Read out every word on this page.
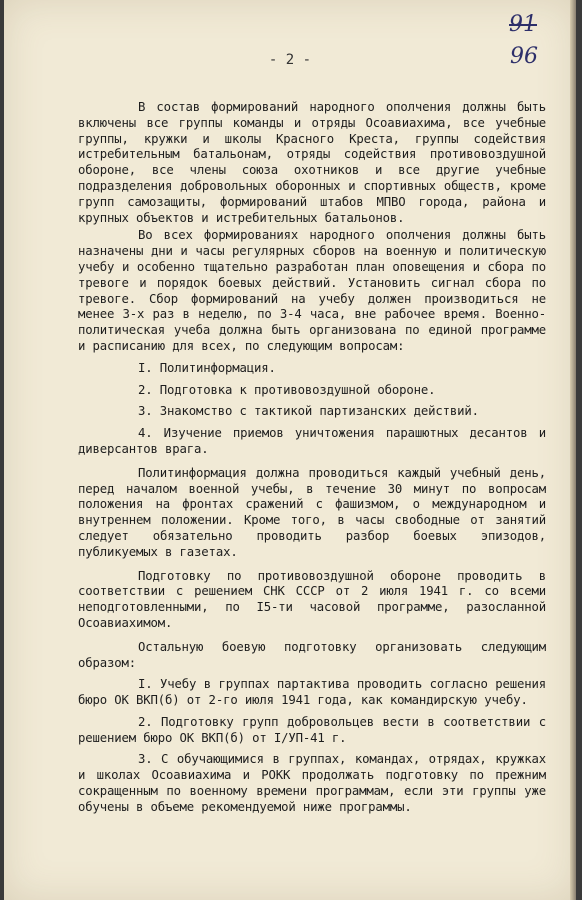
91
96
- 2 -

В состав формирований народного ополчения должны быть включены все группы команды и отряды Осоавиахима, все учебные группы, кружки и школы Красного Креста, группы содействия истребительным батальонам, отряды содействия противовоздушной обороне, все члены союза охотников и все другие учебные подразделения добровольных оборонных и спортивных обществ, кроме групп самозащиты, формирований штабов МПВО города, района и крупных объектов и истребительных батальонов.

Во всех формированиях народного ополчения должны быть назначены дни и часы регулярных сборов на военную и политическую учебу и особенно тщательно разработан план оповещения и сбора по тревоге и порядок боевых действий. Установить сигнал сбора по тревоге. Сбор формирований на учебу должен производиться не менее 3-х раз в неделю, по 3-4 часа, вне рабочее время. Военно-политическая учеба должна быть организована по единой программе и расписанию для всех, по следующим вопросам:

I. Политинформация.

2. Подготовка к противовоздушной обороне.

3. Знакомство с тактикой партизанских действий.

4. Изучение приемов уничтожения парашютных десантов и диверсантов врага.

Политинформация должна проводиться каждый учебный день, перед началом военной учебы, в течение 30 минут по вопросам положения на фронтах сражений с фашизмом, о международном и внутреннем положении. Кроме того, в часы свободные от занятий следует обязательно проводить разбор боевых эпизодов, публикуемых в газетах.

Подготовку по противовоздушной обороне проводить в соответствии с решением СНК СССР от 2 июля 1941 г. со всеми неподготовленными, по I5-ти часовой программе, разосланной Осоавиахимом.

Остальную боевую подготовку организовать следующим образом:

I. Учебу в группах партактива проводить согласно решения бюро ОК ВКП(б) от 2-го июля 1941 года, как командирскую учебу.

2. Подготовку групп добровольцев вести в соответствии с решением бюро ОК ВКП(б) от I/УП-41 г.

3. С обучающимися в группах, командах, отрядах, кружках и школах Осоавиахима и РОКК продолжать подготовку по прежним сокращенным по военному времени программам, если эти группы уже обучены в объеме рекомендуемой ниже программы.
